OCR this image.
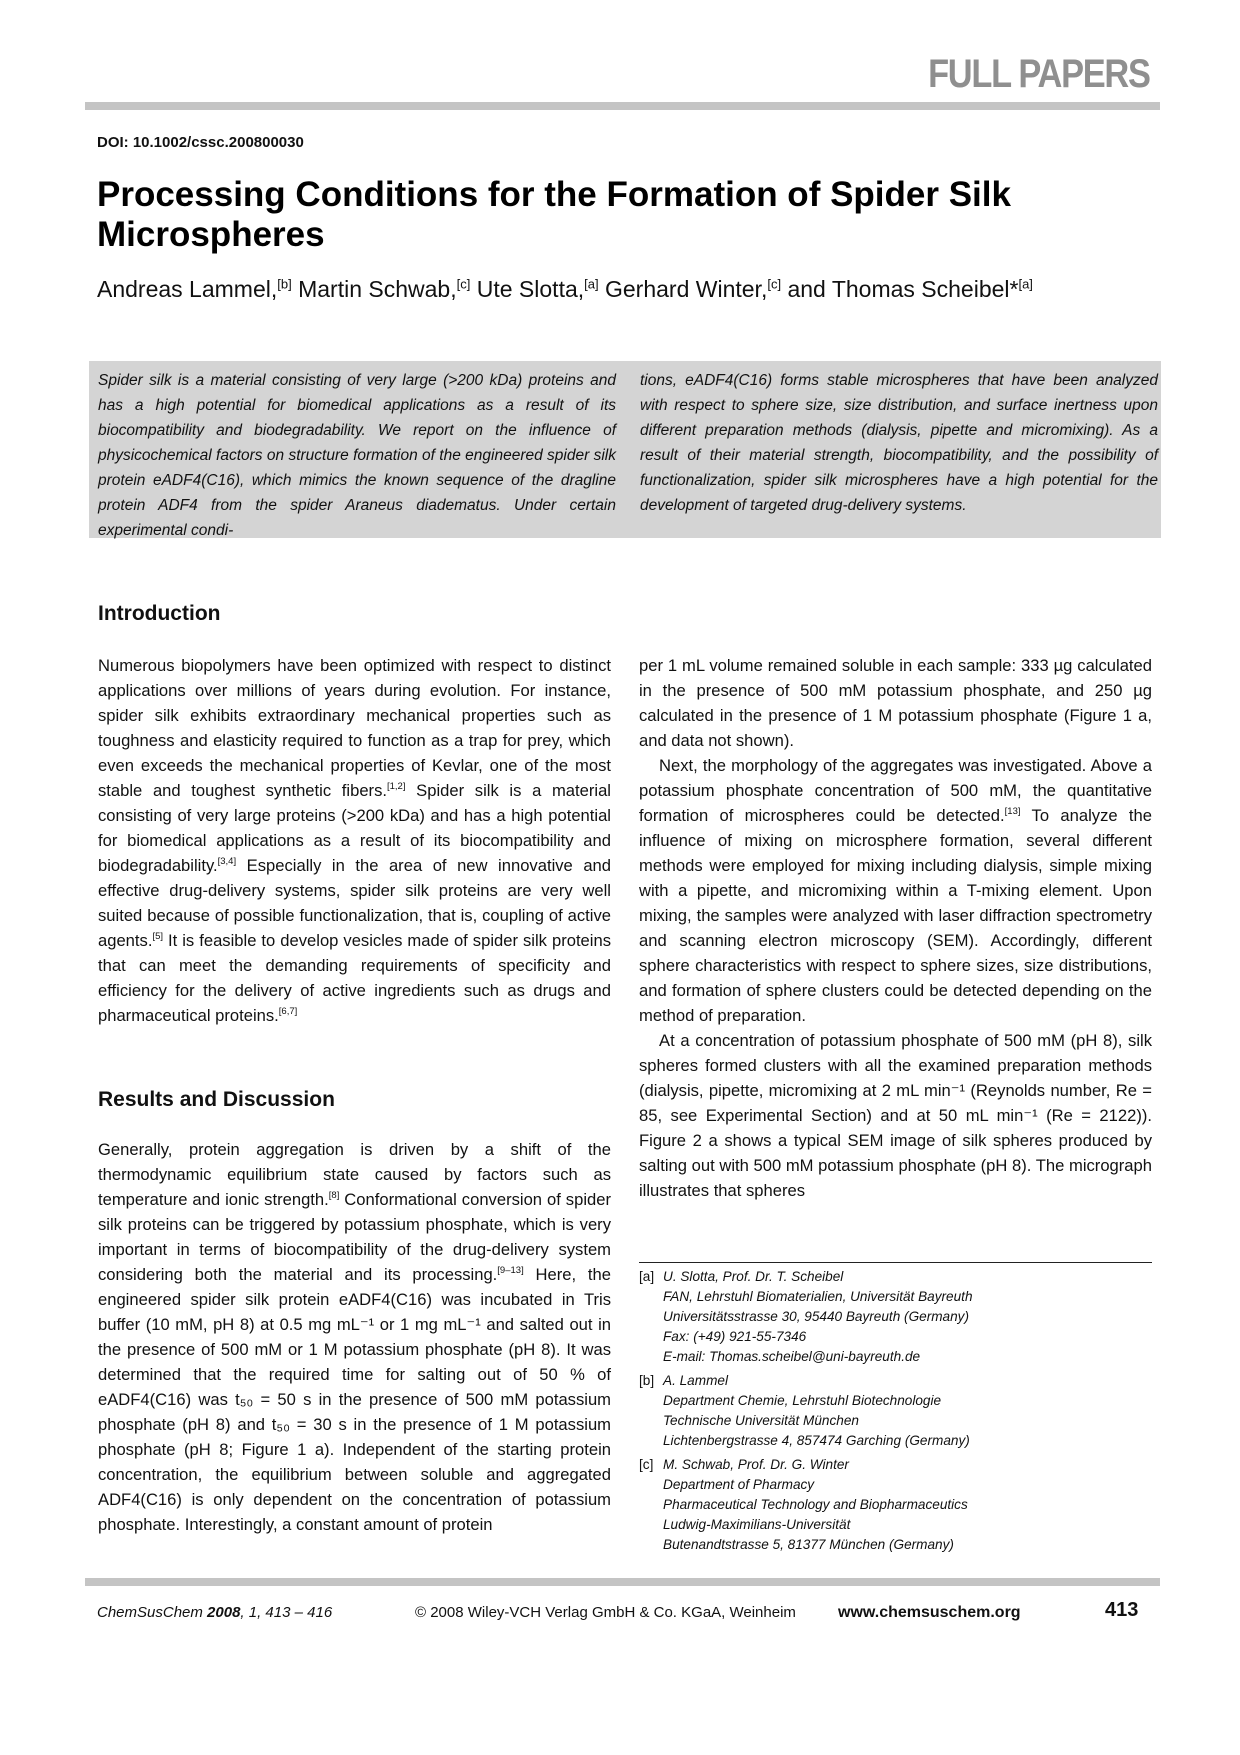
FULL PAPERS
DOI: 10.1002/cssc.200800030
Processing Conditions for the Formation of Spider Silk Microspheres
Andreas Lammel,[b] Martin Schwab,[c] Ute Slotta,[a] Gerhard Winter,[c] and Thomas Scheibel*[a]
Spider silk is a material consisting of very large (>200 kDa) proteins and has a high potential for biomedical applications as a result of its biocompatibility and biodegradability. We report on the influence of physicochemical factors on structure formation of the engineered spider silk protein eADF4(C16), which mimics the known sequence of the dragline protein ADF4 from the spider Araneus diadematus. Under certain experimental condi-
tions, eADF4(C16) forms stable microspheres that have been analyzed with respect to sphere size, size distribution, and surface inertness upon different preparation methods (dialysis, pipette and micromixing). As a result of their material strength, biocompatibility, and the possibility of functionalization, spider silk microspheres have a high potential for the development of targeted drug-delivery systems.
Introduction

Numerous biopolymers have been optimized with respect to distinct applications over millions of years during evolution. For instance, spider silk exhibits extraordinary mechanical properties such as toughness and elasticity required to function as a trap for prey, which even exceeds the mechanical properties of Kevlar, one of the most stable and toughest synthetic fibers.[1,2] Spider silk is a material consisting of very large proteins (>200 kDa) and has a high potential for biomedical applications as a result of its biocompatibility and biodegradability.[3,4] Especially in the area of new innovative and effective drug-delivery systems, spider silk proteins are very well suited because of possible functionalization, that is, coupling of active agents.[5] It is feasible to develop vesicles made of spider silk proteins that can meet the demanding requirements of specificity and efficiency for the delivery of active ingredients such as drugs and pharmaceutical proteins.[6,7]

Results and Discussion

Generally, protein aggregation is driven by a shift of the thermodynamic equilibrium state caused by factors such as temperature and ionic strength.[8] Conformational conversion of spider silk proteins can be triggered by potassium phosphate, which is very important in terms of biocompatibility of the drug-delivery system considering both the material and its processing.[9–13] Here, the engineered spider silk protein eADF4(C16) was incubated in Tris buffer (10 mM, pH 8) at 0.5 mg mL⁻¹ or 1 mg mL⁻¹ and salted out in the presence of 500 mM or 1 M potassium phosphate (pH 8). It was determined that the required time for salting out of 50 % of eADF4(C16) was t₅₀ = 50 s in the presence of 500 mM potassium phosphate (pH 8) and t₅₀ = 30 s in the presence of 1 M potassium phosphate (pH 8; Figure 1 a). Independent of the starting protein concentration, the equilibrium between soluble and aggregated ADF4(C16) is only dependent on the concentration of potassium phosphate. Interestingly, a constant amount of protein

per 1 mL volume remained soluble in each sample: 333 µg calculated in the presence of 500 mM potassium phosphate, and 250 µg calculated in the presence of 1 M potassium phosphate (Figure 1 a, and data not shown).

Next, the morphology of the aggregates was investigated. Above a potassium phosphate concentration of 500 mM, the quantitative formation of microspheres could be detected.[13] To analyze the influence of mixing on microsphere formation, several different methods were employed for mixing including dialysis, simple mixing with a pipette, and micromixing within a T-mixing element. Upon mixing, the samples were analyzed with laser diffraction spectrometry and scanning electron microscopy (SEM). Accordingly, different sphere characteristics with respect to sphere sizes, size distributions, and formation of sphere clusters could be detected depending on the method of preparation.

At a concentration of potassium phosphate of 500 mM (pH 8), silk spheres formed clusters with all the examined preparation methods (dialysis, pipette, micromixing at 2 mL min⁻¹ (Reynolds number, Re = 85, see Experimental Section) and at 50 mL min⁻¹ (Re = 2122)). Figure 2 a shows a typical SEM image of silk spheres produced by salting out with 500 mM potassium phosphate (pH 8). The micrograph illustrates that spheres

[a] U. Slotta, Prof. Dr. T. Scheibel
FAN, Lehrstuhl Biomaterialien, Universität Bayreuth
Universitätsstrasse 30, 95440 Bayreuth (Germany)
Fax: (+49) 921-55-7346
E-mail: Thomas.scheibel@uni-bayreuth.de
[b] A. Lammel
Department Chemie, Lehrstuhl Biotechnologie
Technische Universität München
Lichtenbergstrasse 4, 857474 Garching (Germany)
[c] M. Schwab, Prof. Dr. G. Winter
Department of Pharmacy
Pharmaceutical Technology and Biopharmaceutics
Ludwig-Maximilians-Universität
Butenandtstrasse 5, 81377 München (Germany)
ChemSusChem 2008, 1, 413 – 416	© 2008 Wiley-VCH Verlag GmbH & Co. KGaA, Weinheim	www.chemsuschem.org	413
